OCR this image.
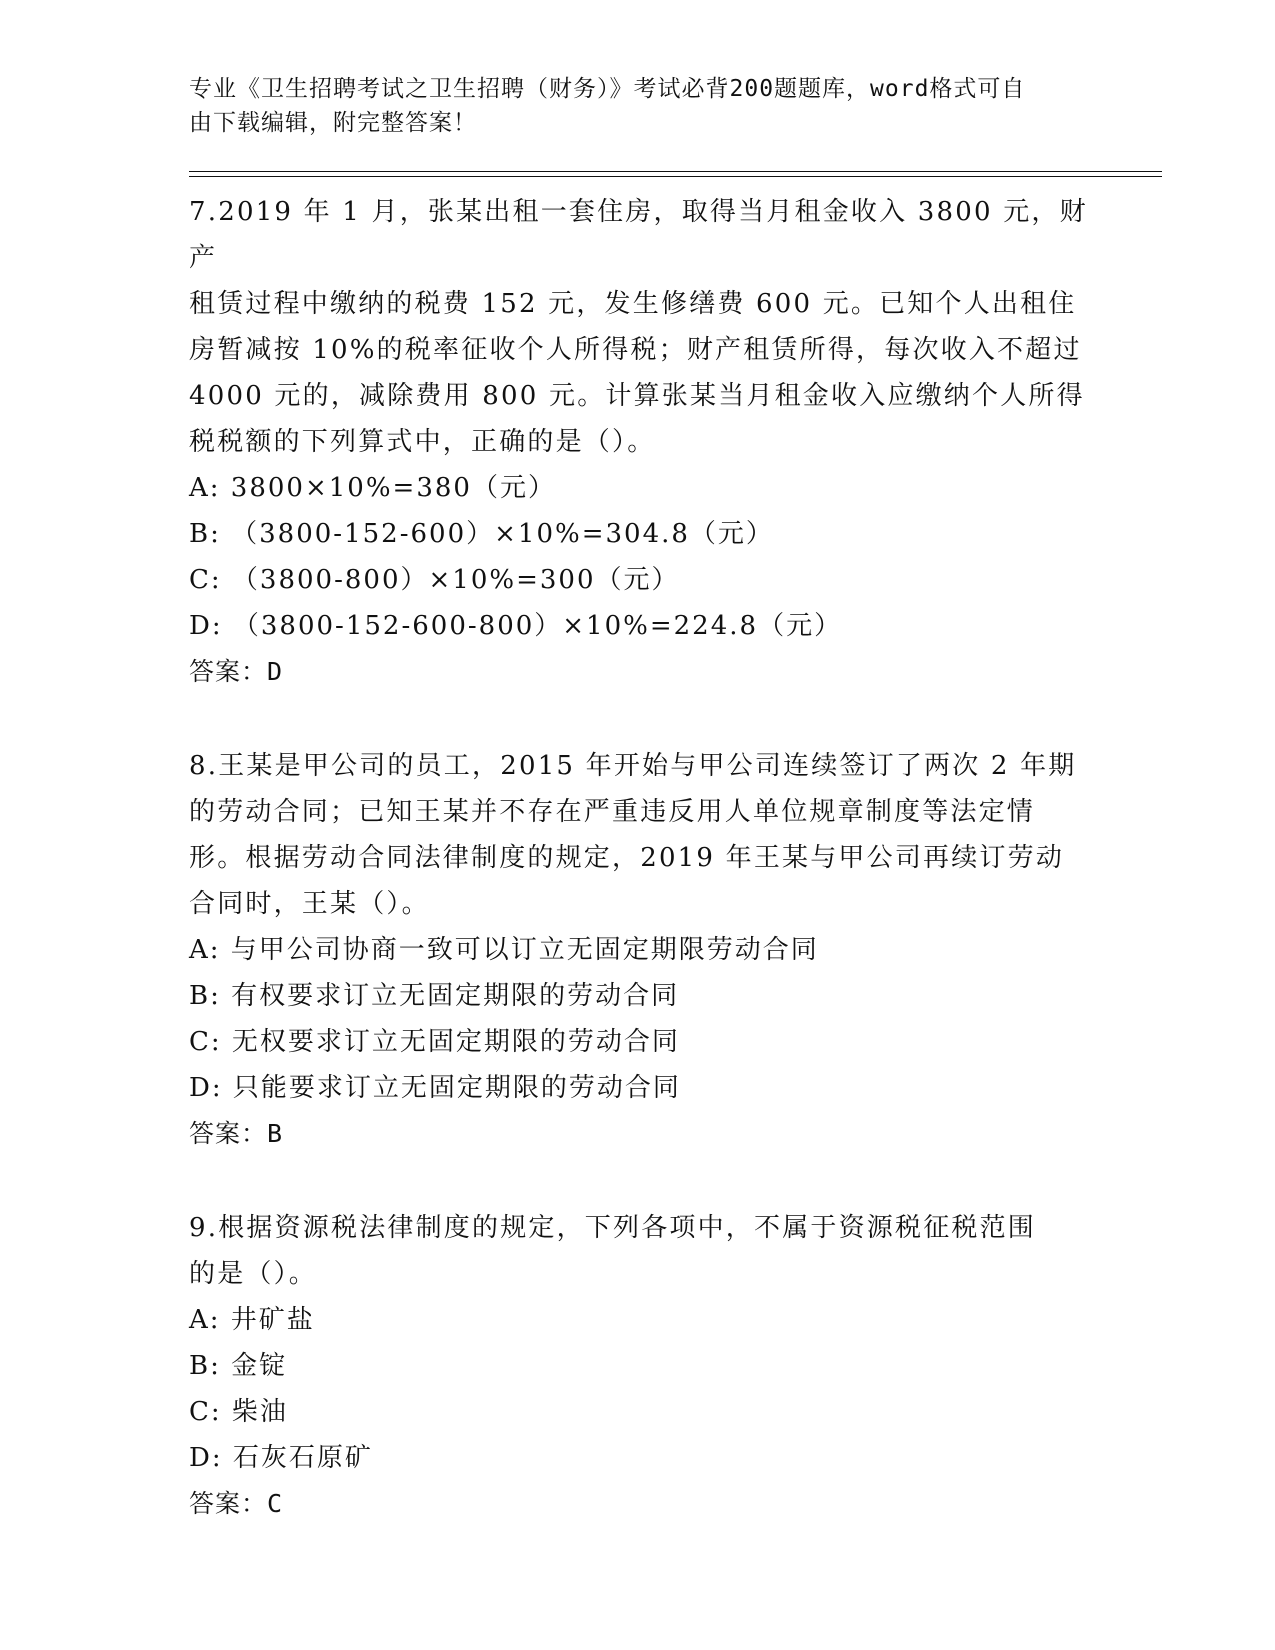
专业《卫生招聘考试之卫生招聘（财务）》考试必背200题题库，word格式可自
由下载编辑，附完整答案！

7.2019 年 1 月，张某出租一套住房，取得当月租金收入 3800 元，财产

租赁过程中缴纳的税费 152 元，发生修缮费 600 元。已知个人出租住

房暂减按 10%的税率征收个人所得税；财产租赁所得，每次收入不超过

4000 元的，减除费用 800 元。计算张某当月租金收入应缴纳个人所得

税税额的下列算式中，正确的是（）。

A: 3800×10%=380（元）

B: （3800-152-600）×10%=304.8（元）

C: （3800-800）×10%=300（元）

D: （3800-152-600-800）×10%=224.8（元）

答案：D

8.王某是甲公司的员工，2015 年开始与甲公司连续签订了两次 2 年期

的劳动合同；已知王某并不存在严重违反用人单位规章制度等法定情

形。根据劳动合同法律制度的规定，2019 年王某与甲公司再续订劳动

合同时，王某（）。

A: 与甲公司协商一致可以订立无固定期限劳动合同

B: 有权要求订立无固定期限的劳动合同

C: 无权要求订立无固定期限的劳动合同

D: 只能要求订立无固定期限的劳动合同

答案：B

9.根据资源税法律制度的规定，下列各项中，不属于资源税征税范围

的是（）。

A: 井矿盐

B: 金锭

C: 柴油

D: 石灰石原矿

答案：C
